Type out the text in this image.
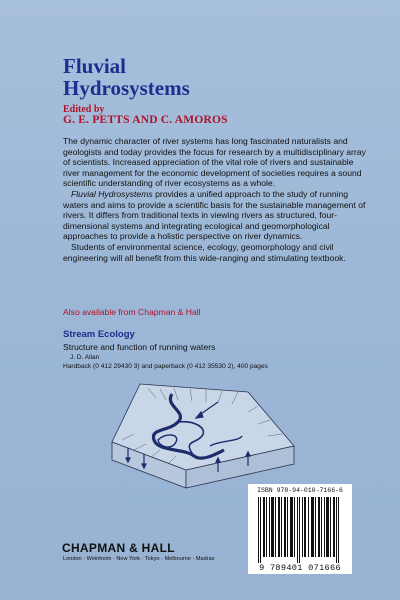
Fluvial
Hydrosystems
Edited by
G. E. PETTS AND C. AMOROS

The dynamic character of river systems has long fascinated naturalists and geologists and today provides the focus for research by a multidisciplinary array of scientists. Increased appreciation of the vital role of rivers and sustainable river management for the economic development of societies requires a sound scientific understanding of river ecosystems as a whole.

Fluvial Hydrosystems provides a unified approach to the study of running waters and aims to provide a scientific basis for the sustainable management of rivers. It differs from traditional texts in viewing rivers as structured, four-dimensional systems and integrating ecological and geomorphological approaches to provide a holistic perspective on river dynamics.

Students of environmental science, ecology, geomorphology and civil engineering will all benefit from this wide-ranging and stimulating textbook.

Also available from Chapman & Hall
Stream Ecology
Structure and function of running waters
J. D. Allan
Hardback (0 412 29430 3) and paperback (0 412 35530 2), 400 pages
ISBN 978-94-010-7166-6
9 789401 071666
CHAPMAN & HALL
London · Weinheim · New York · Tokyo · Melbourne · Madras
